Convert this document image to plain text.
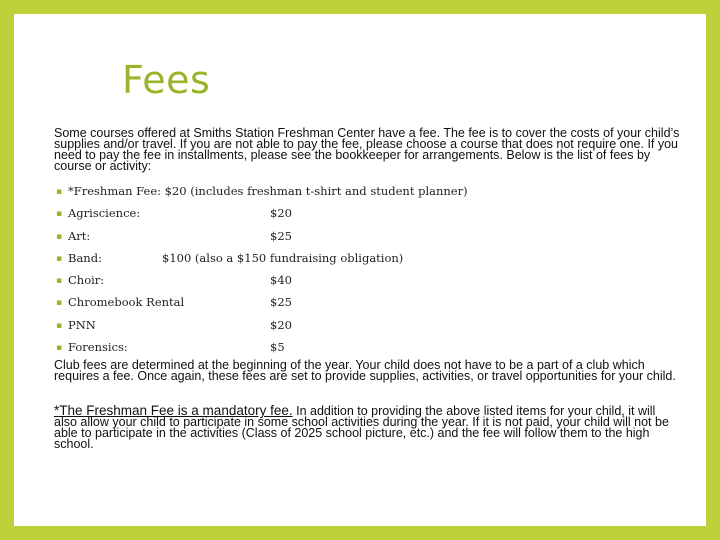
Fees

Some courses offered at Smiths Station Freshman Center have a fee. The fee is to cover the costs of your child’s supplies and/or travel. If you are not able to pay the fee, please choose a course that does not require one. If you need to pay the fee in installments, please see the bookkeeper for arrangements. Below is the list of fees by course or activity:

▪ *Freshman Fee: $20 (includes freshman t-shirt and student planner)
▪ Agriscience:	$20
▪ Art:	$25
▪ Band:	$100 (also a $150 fundraising obligation)
▪ Choir:	$40
▪ Chromebook Rental	$25
▪ PNN	$20
▪ Forensics:	$5

Club fees are determined at the beginning of the year. Your child does not have to be a part of a club which requires a fee. Once again, these fees are set to provide supplies, activities, or travel opportunities for your child.

*The Freshman Fee is a mandatory fee. In addition to providing the above listed items for your child, it will also allow your child to participate in some school activities during the year. If it is not paid, your child will not be able to participate in the activities (Class of 2025 school picture, etc.) and the fee will follow them to the high school.
